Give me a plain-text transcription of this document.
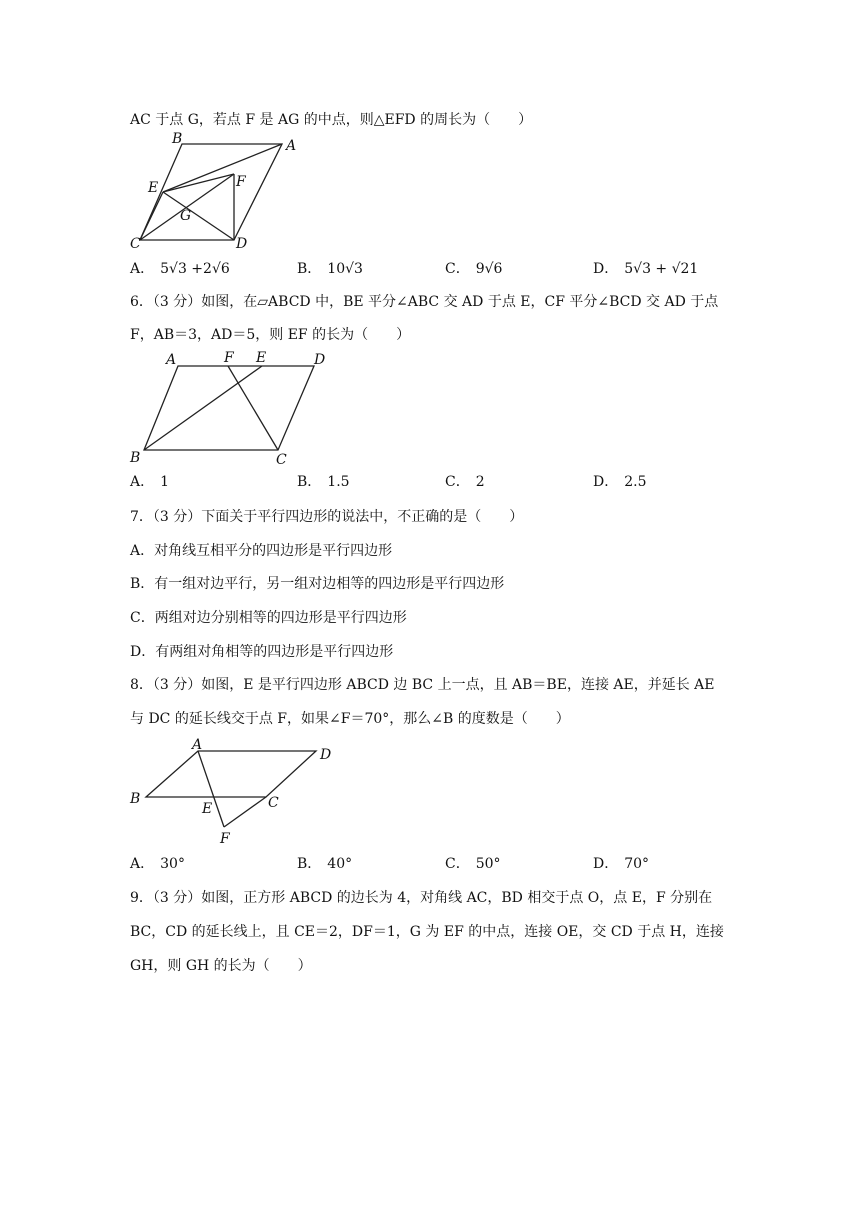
AC 于点 G，若点 F 是 AG 的中点，则△EFD 的周长为（　　）
B	A
E	F
G
C	D
A． 5√3 +2√6	B． 10√3	C． 9√6	D． 5√3 + √21
6．（3 分）如图，在▱ABCD 中，BE 平分∠ABC 交 AD 于点 E，CF 平分∠BCD 交 AD 于点
F，AB＝3，AD＝5，则 EF 的长为（　　）
A	F E	D
B	C
A． 1	B． 1.5	C． 2	D． 2.5
7．（3 分）下面关于平行四边形的说法中，不正确的是（　　）
A．对角线互相平分的四边形是平行四边形
B．有一组对边平行，另一组对边相等的四边形是平行四边形
C．两组对边分别相等的四边形是平行四边形
D．有两组对角相等的四边形是平行四边形
8．（3 分）如图，E 是平行四边形 ABCD 边 BC 上一点，且 AB＝BE，连接 AE，并延长 AE
与 DC 的延长线交于点 F，如果∠F＝70°，那么∠B 的度数是（　　）
A
D
B
E	C
F
A． 30°	B． 40°	C． 50°	D． 70°
9．（3 分）如图，正方形 ABCD 的边长为 4，对角线 AC，BD 相交于点 O，点 E，F 分别在
BC，CD 的延长线上，且 CE＝2，DF＝1，G 为 EF 的中点，连接 OE，交 CD 于点 H，连接
GH，则 GH 的长为（　　）
